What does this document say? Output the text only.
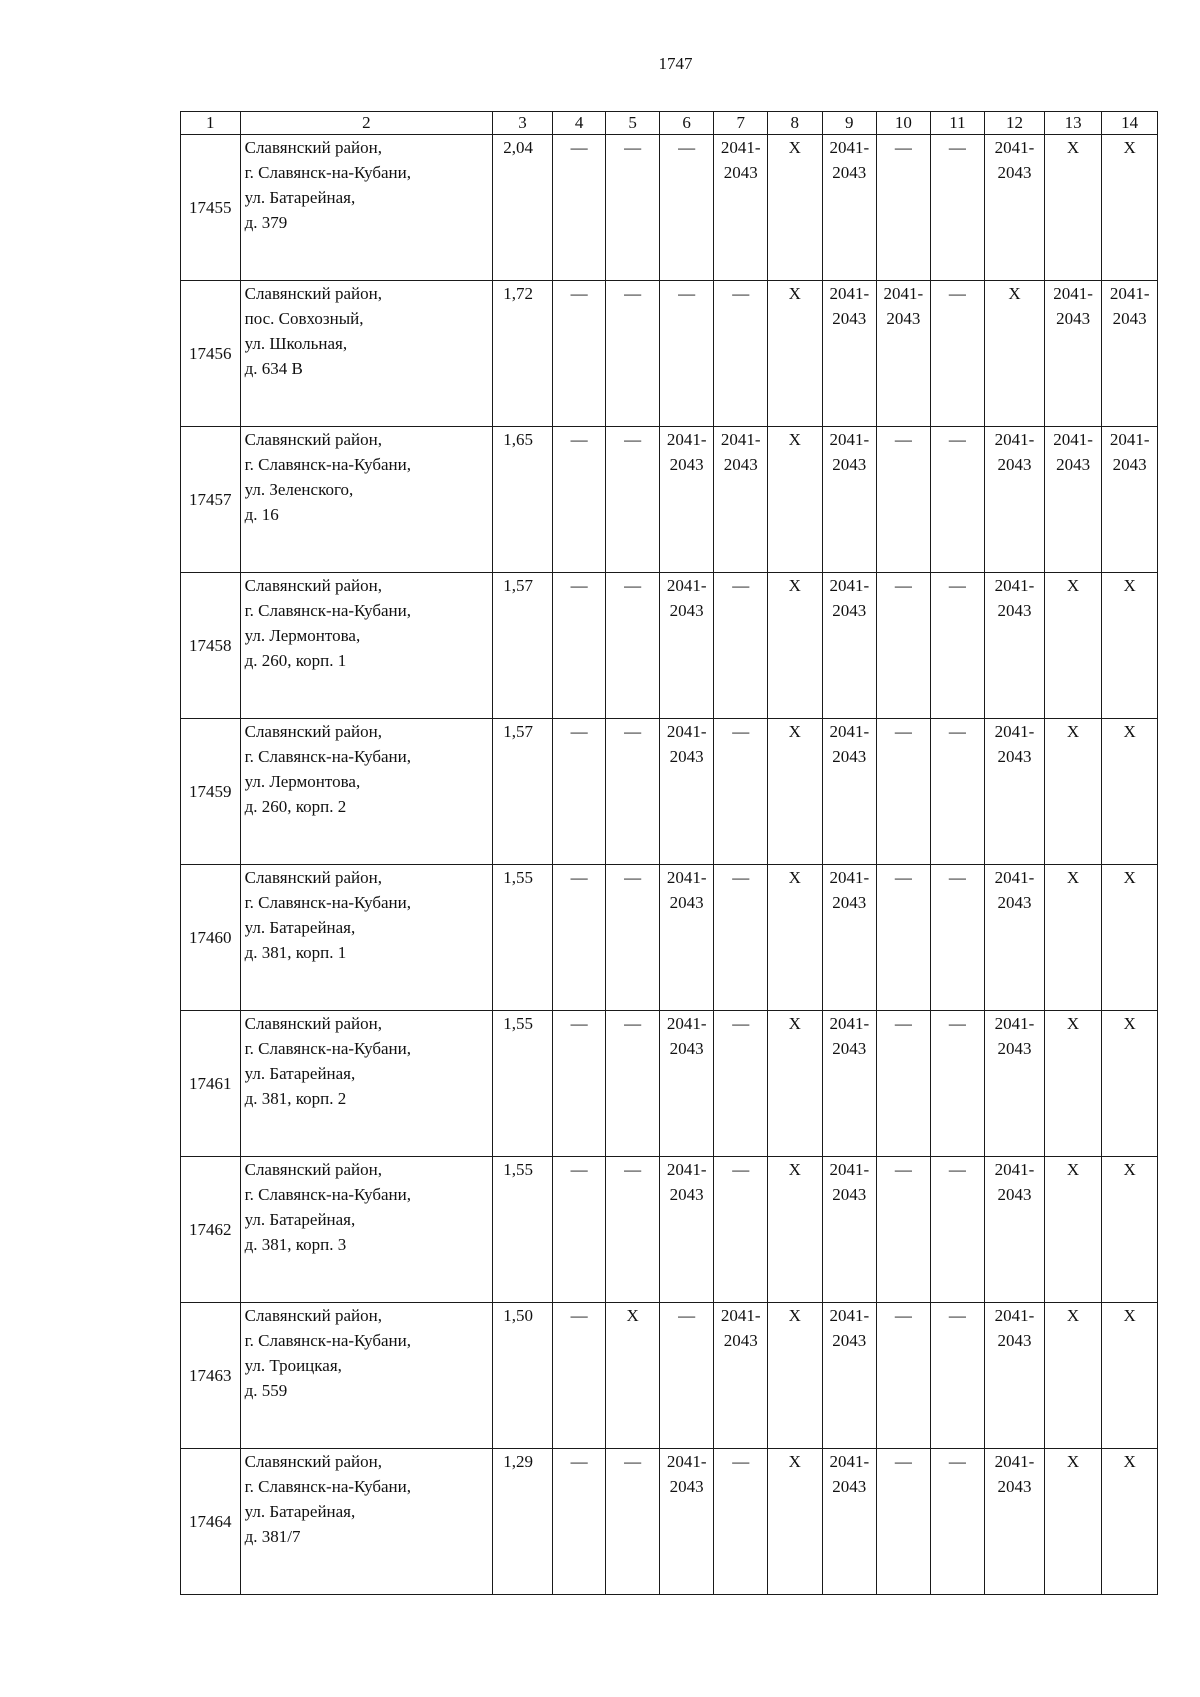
1747
1	2	3	4	5	6	7	8	9	10	11	12	13	14
17455	Славянский район,
г. Славянск-на-Кубани,
ул. Батарейная,
д. 379	2,04	—	—	—	2041-
2043	Х	2041-
2043	—	—	2041-
2043	Х	Х

17456	Славянский район,
пос. Совхозный,
ул. Школьная,
д. 634 В	1,72	—	—	—	—	Х	2041-
2043	2041-
2043	—	Х	2041-
2043	2041-
2043

17457	Славянский район,
г. Славянск-на-Кубани,
ул. Зеленского,
д. 16	1,65	—	—	2041-
2043	2041-
2043	Х	2041-
2043	—	—	2041-
2043	2041-
2043	2041-
2043

17458	Славянский район,
г. Славянск-на-Кубани,
ул. Лермонтова,
д. 260, корп. 1	1,57	—	—	2041-
2043	—	Х	2041-
2043	—	—	2041-
2043	Х	Х

17459	Славянский район,
г. Славянск-на-Кубани,
ул. Лермонтова,
д. 260, корп. 2	1,57	—	—	2041-
2043	—	Х	2041-
2043	—	—	2041-
2043	Х	Х

17460	Славянский район,
г. Славянск-на-Кубани,
ул. Батарейная,
д. 381, корп. 1	1,55	—	—	2041-
2043	—	Х	2041-
2043	—	—	2041-
2043	Х	Х

17461	Славянский район,
г. Славянск-на-Кубани,
ул. Батарейная,
д. 381, корп. 2	1,55	—	—	2041-
2043	—	Х	2041-
2043	—	—	2041-
2043	Х	Х

17462	Славянский район,
г. Славянск-на-Кубани,
ул. Батарейная,
д. 381, корп. 3	1,55	—	—	2041-
2043	—	Х	2041-
2043	—	—	2041-
2043	Х	Х

17463	Славянский район,
г. Славянск-на-Кубани,
ул. Троицкая,
д. 559	1,50	—	Х	—	2041-
2043	Х	2041-
2043	—	—	2041-
2043	Х	Х

17464	Славянский район,
г. Славянск-на-Кубани,
ул. Батарейная,
д. 381/7	1,29	—	—	2041-
2043	—	Х	2041-
2043	—	—	2041-
2043	Х	Х
